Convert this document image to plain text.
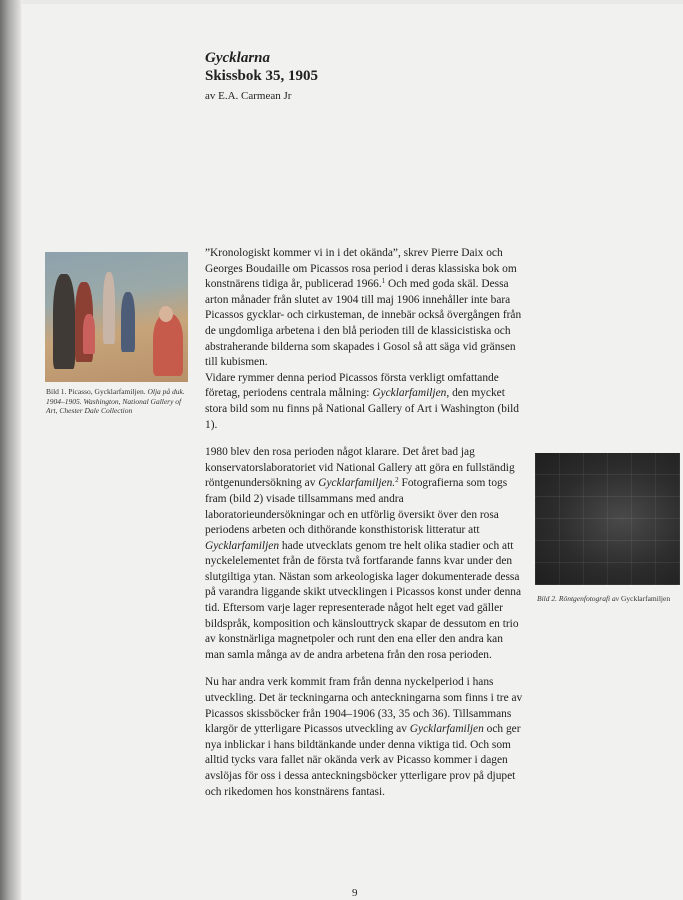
Gycklarna

Skissbok 35, 1905

av E.A. Carmean Jr
Bild 1. Picasso, Gycklarfamiljen. Olja på duk. 1904–1905. Washington, National Gallery of Art, Chester Dale Collection
Bild 2. Röntgenfotografi av Gycklarfamiljen

”Kronologiskt kommer vi in i det okända”, skrev Pierre Daix och Georges Boudaille om Picassos rosa period i deras klassiska bok om konstnärens tidiga år, publicerad 1966.$^1$ Och med goda skäl. Dessa arton månader från slutet av 1904 till maj 1906 innehåller inte bara Picassos gycklar- och cirkusteman, de innebär också övergången från de ungdomliga arbetena i den blå perioden till de klassicistiska och abstraherande bilderna som skapades i Gosol så att säga vid gränsen till kubismen.

Vidare rymmer denna period Picassos första verkligt omfattande företag, periodens centrala målning: Gycklarfamiljen, den mycket stora bild som nu finns på National Gallery of Art i Washington (bild 1).

1980 blev den rosa perioden något klarare. Det året bad jag konservatorslaboratoriet vid National Gallery att göra en fullständig röntgenundersökning av Gycklarfamiljen.$^2$ Fotografierna som togs fram (bild 2) visade tillsammans med andra laboratorieundersökningar och en utförlig översikt över den rosa periodens arbeten och dithörande konsthistorisk litteratur att Gycklarfamiljen hade utvecklats genom tre helt olika stadier och att nyckelelementet från de första två fortfarande fanns kvar under den slutgiltiga ytan. Nästan som arkeologiska lager dokumenterade dessa på varandra liggande skikt utvecklingen i Picassos konst under denna tid. Eftersom varje lager representerade något helt eget vad gäller bildspråk, komposition och känslouttryck skapar de dessutom en trio av konstnärliga magnetpoler och runt den ena eller den andra kan man samla många av de andra arbetena från den rosa perioden.

Nu har andra verk kommit fram från denna nyckelperiod i hans utveckling. Det är teckningarna och anteckningarna som finns i tre av Picassos skissböcker från 1904–1906 (33, 35 och 36). Tillsammans klargör de ytterligare Picassos utveckling av Gycklarfamiljen och ger nya inblickar i hans bildtänkande under denna viktiga tid. Och som alltid tycks vara fallet när okända verk av Picasso kommer i dagen avslöjas för oss i dessa anteckningsböcker ytterligare prov på djupet och rikedomen hos konstnärens fantasi.

9
